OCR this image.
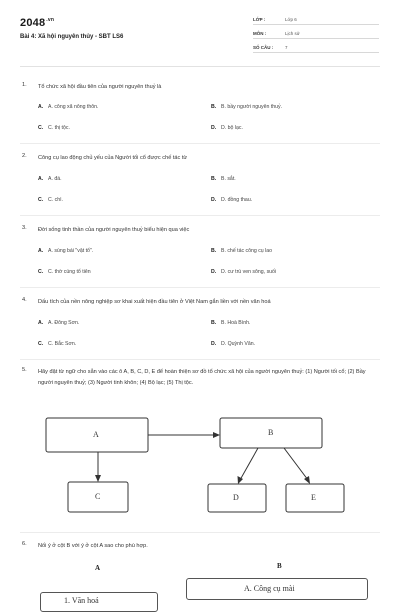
$2048^{.vn}$
Bài 4: Xã hội nguyên thủy - SBT LS6
LỚP :	Lớp 6
MÔN :	Lịch sử
SỐ CÂU :	7
1. Tổ chức xã hội đầu tiên của người nguyên thuỷ là
A. A. công xã nông thôn.	B. B. bầy người nguyên thuỷ.
C. C. thị tộc.	D. D. bộ lạc.
2. Công cụ lao động chủ yếu của Người tối cổ được chế tác từ
A. A. đá.	B. B. sắt.
C. C. chì.	D. D. đồng thau.
3. Đời sống tinh thần của người nguyên thuỷ biểu hiện qua việc
A. A. sùng bái "vật tổ".	B. B. chế tác công cụ lao
C. C. thờ cúng tổ tiên	D. D. cư trú ven sông, suối
4. Dấu tích của nền nông nghiệp sơ khai xuất hiện đầu tiên ở Việt Nam gắn liền với nền văn hoá
A. A. Đông Sơn.	B. B. Hoà Bình.
C. C. Bắc Sơn.	D. D. Quỳnh Văn.
5. Hãy đặt từ ngữ cho sẵn vào các ô A, B, C, D, E để hoàn thiện sơ đồ tổ chức xã hội của người nguyên thuỷ: (1) Người tối cổ; (2) Bầy người nguyên thuỷ; (3) Người tinh khôn; (4) Bộ lạc; (5) Thị tộc.
A	B
C	D	E
6. Nối ý ở cột B với ý ở cột A sao cho phù hợp.
A	B
1. Văn hoá
A. Công cụ mài
